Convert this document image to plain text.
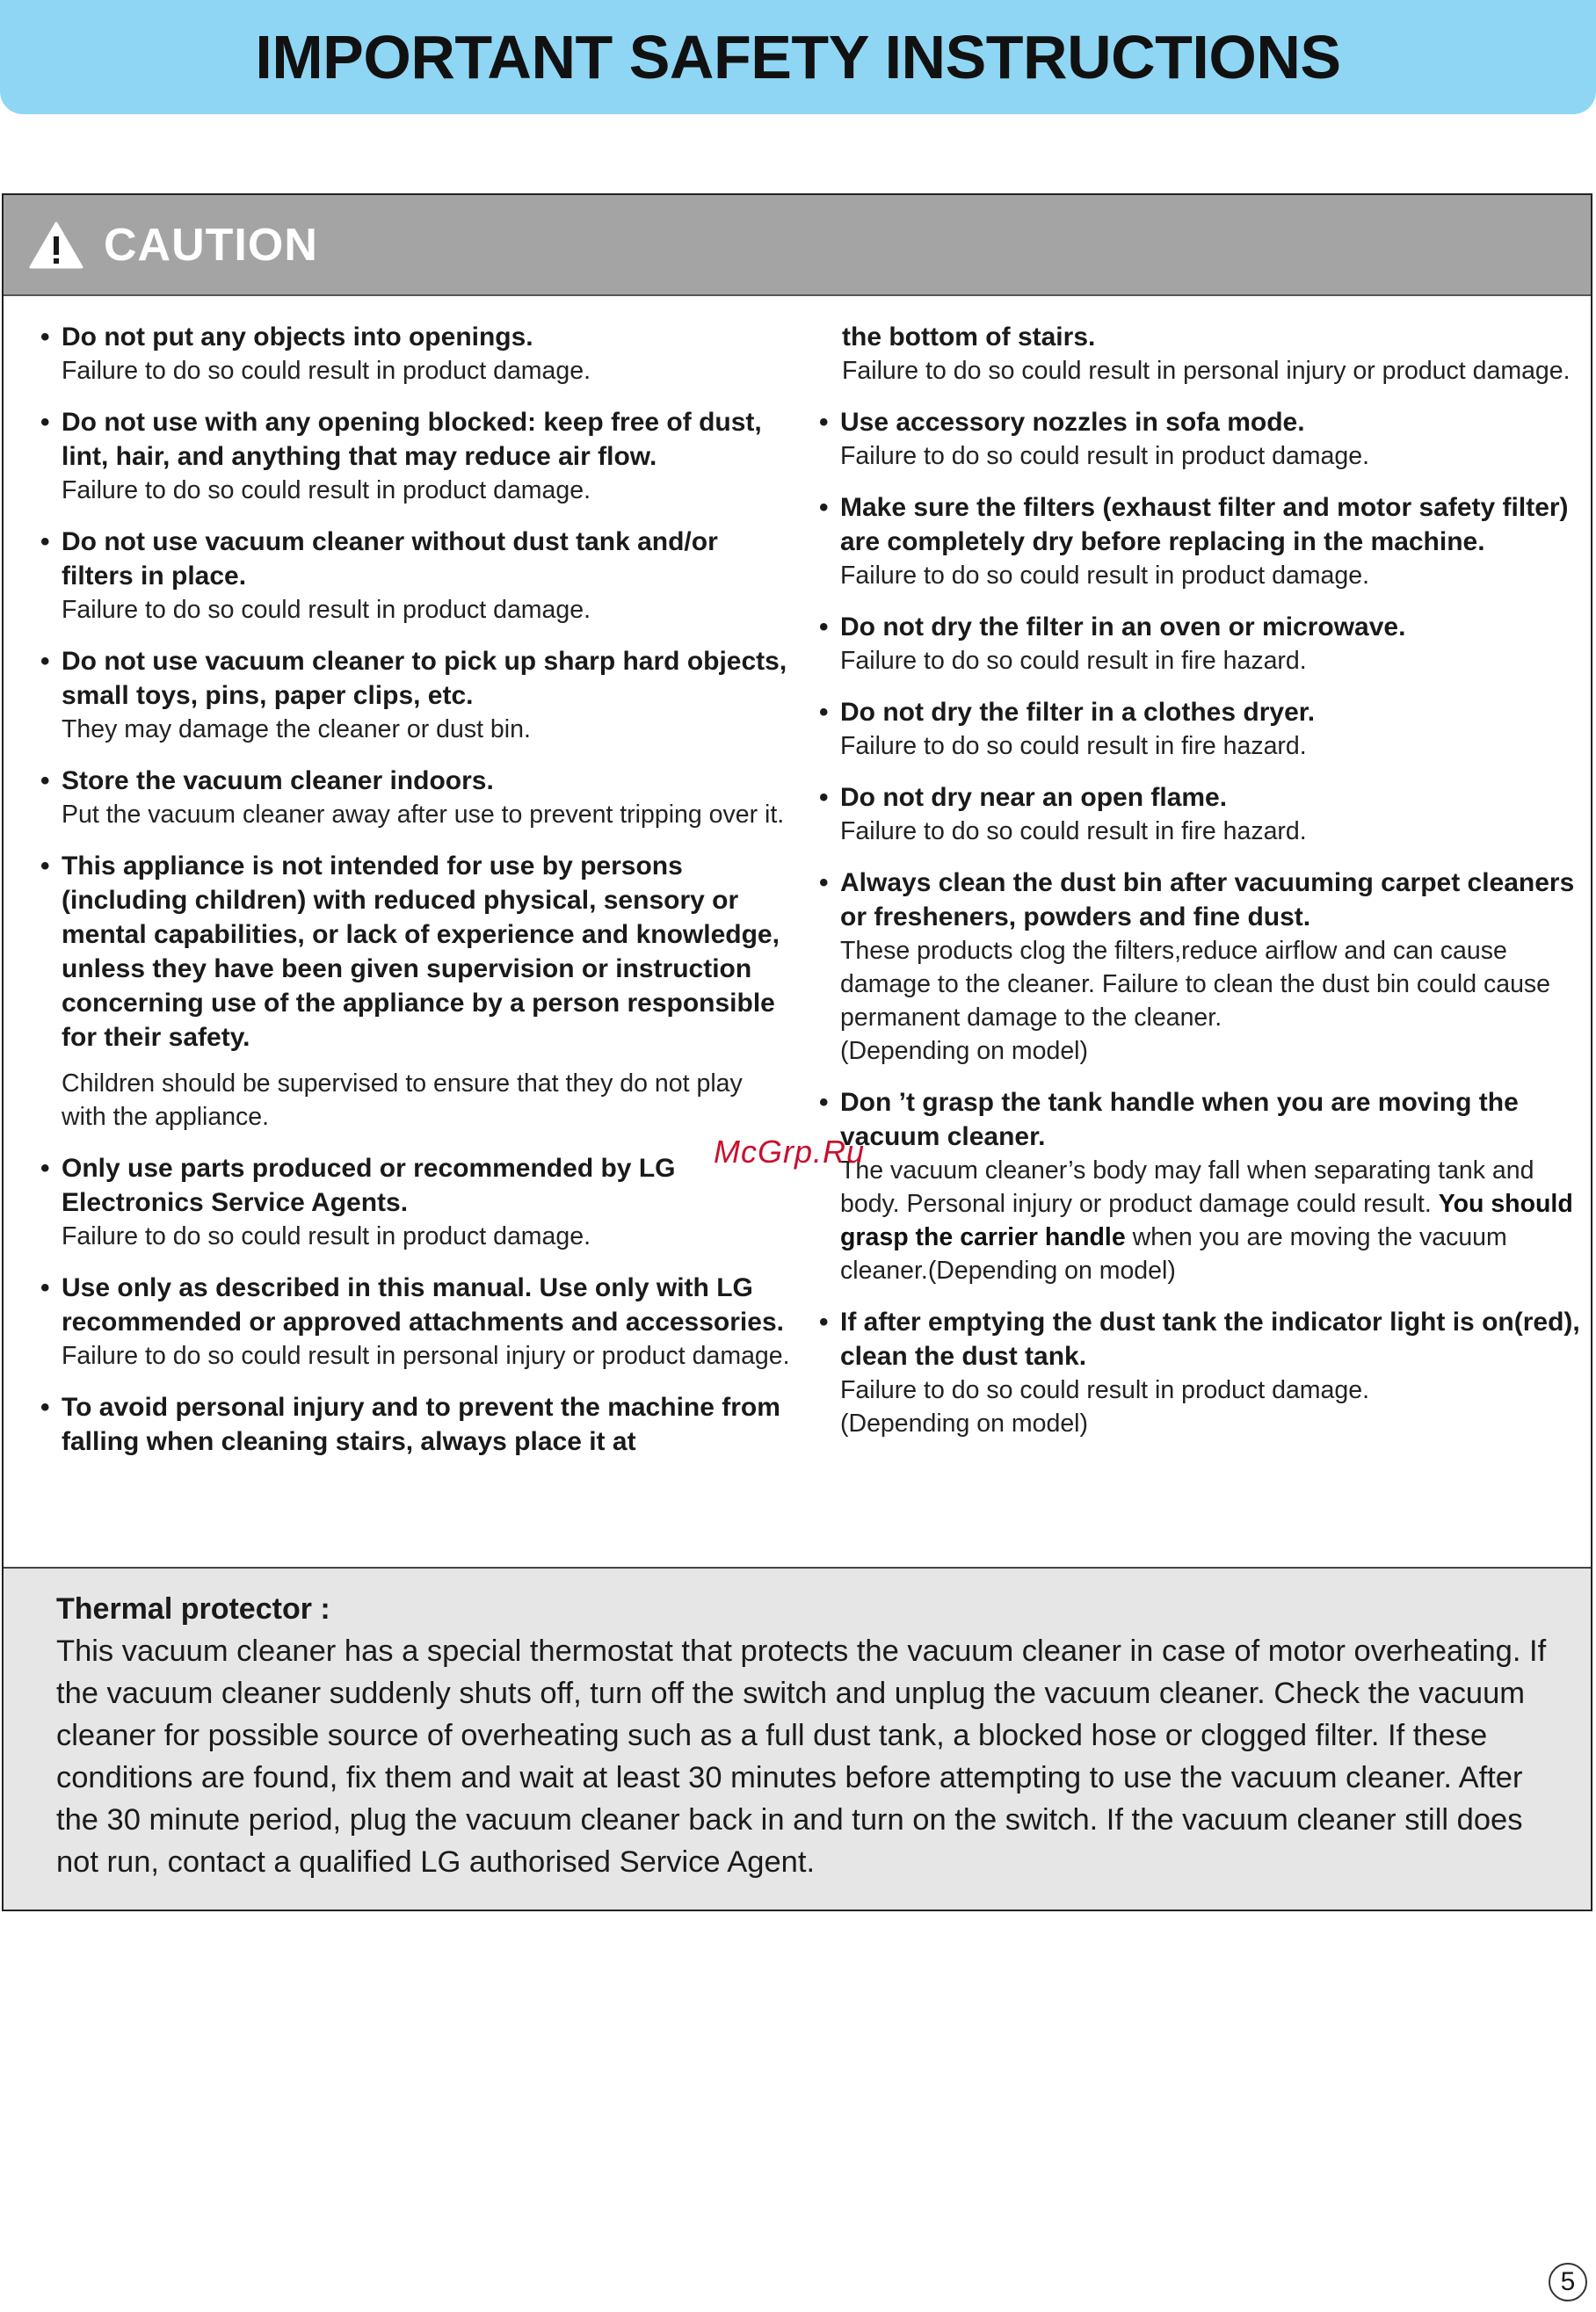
IMPORTANT SAFETY INSTRUCTIONS
CAUTION
• Do not put any objects into openings.
Failure to do so could result in product damage.
• Do not use with any opening blocked: keep free of dust, lint, hair, and anything that may reduce air flow.
Failure to do so could result in product damage.
• Do not use vacuum cleaner without dust tank and/or filters in place.
Failure to do so could result in product damage.
• Do not use vacuum cleaner to pick up sharp hard objects, small toys, pins, paper clips, etc.
They may damage the cleaner or dust bin.
• Store the vacuum cleaner indoors.
Put the vacuum cleaner away after use to prevent tripping over it.
• This appliance is not intended for use by persons (including children) with reduced physical, sensory or mental capabilities, or lack of experience and knowledge, unless they have been given supervision or instruction concerning use of the appliance by a person responsible for their safety.
Children should be supervised to ensure that they do not play with the appliance.
• Only use parts produced or recommended by LG Electronics Service Agents.
Failure to do so could result in product damage.
• Use only as described in this manual. Use only with LG recommended or approved attachments and accessories.
Failure to do so could result in personal injury or product damage.
• To avoid personal injury and to prevent the machine from falling when cleaning stairs, always place it at
the bottom of stairs.
Failure to do so could result in personal injury or product damage.
• Use accessory nozzles in sofa mode.
Failure to do so could result in product damage.
• Make sure the filters (exhaust filter and motor safety filter) are completely dry before replacing in the machine.
Failure to do so could result in product damage.
• Do not dry the filter in an oven or microwave.
Failure to do so could result in fire hazard.
• Do not dry the filter in a clothes dryer.
Failure to do so could result in fire hazard.
• Do not dry near an open flame.
Failure to do so could result in fire hazard.
• Always clean the dust bin after vacuuming carpet cleaners or fresheners, powders and fine dust.
These products clog the filters,reduce airflow and can cause damage to the cleaner. Failure to clean the dust bin could cause permanent damage to the cleaner.
(Depending on model)
• Don ’t grasp the tank handle when you are moving the vacuum cleaner.
The vacuum cleaner’s body may fall when separating tank and body. Personal injury or product damage could result. You should grasp the carrier handle when you are moving the vacuum cleaner.(Depending on model)
• If after emptying the dust tank the indicator light is on(red), clean the dust tank.
Failure to do so could result in product damage.
(Depending on model)
Thermal protector :
This vacuum cleaner has a special thermostat that protects the vacuum cleaner in case of motor overheating. If the vacuum cleaner suddenly shuts off, turn off the switch and unplug the vacuum cleaner. Check the vacuum cleaner for possible source of overheating such as a full dust tank, a blocked hose or clogged filter. If these conditions are found, fix them and wait at least 30 minutes before attempting to use the vacuum cleaner. After the 30 minute period, plug the vacuum cleaner back in and turn on the switch. If the vacuum cleaner still does not run, contact a qualified LG authorised Service Agent.
McGrp.Ru
5
